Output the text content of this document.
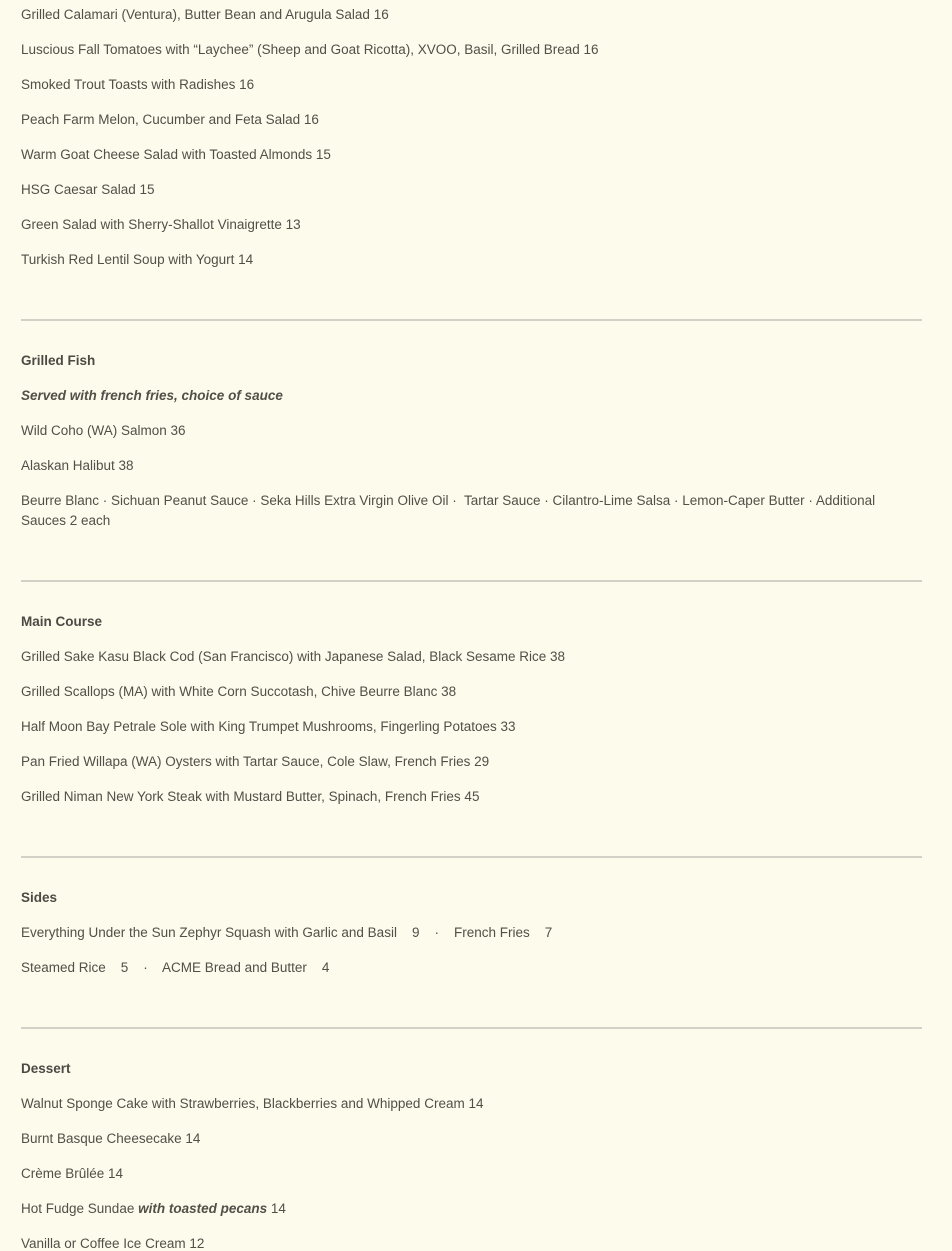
Grilled Calamari (Ventura), Butter Bean and Arugula Salad 16

Luscious Fall Tomatoes with “Laychee” (Sheep and Goat Ricotta), XVOO, Basil, Grilled Bread 16

Smoked Trout Toasts with Radishes 16

Peach Farm Melon, Cucumber and Feta Salad 16

Warm Goat Cheese Salad with Toasted Almonds 15

HSG Caesar Salad 15

Green Salad with Sherry-Shallot Vinaigrette 13

Turkish Red Lentil Soup with Yogurt 14

Grilled Fish

Served with french fries, choice of sauce

Wild Coho (WA) Salmon 36

Alaskan Halibut 38

Beurre Blanc · Sichuan Peanut Sauce · Seka Hills Extra Virgin Olive Oil ·  Tartar Sauce · Cilantro-Lime Salsa · Lemon-Caper Butter · Additional Sauces 2 each

Main Course

Grilled Sake Kasu Black Cod (San Francisco) with Japanese Salad, Black Sesame Rice 38

Grilled Scallops (MA) with White Corn Succotash, Chive Beurre Blanc 38

Half Moon Bay Petrale Sole with King Trumpet Mushrooms, Fingerling Potatoes 33

Pan Fried Willapa (WA) Oysters with Tartar Sauce, Cole Slaw, French Fries 29

Grilled Niman New York Steak with Mustard Butter, Spinach, French Fries 45

Sides

Everything Under the Sun Zephyr Squash with Garlic and Basil    9    ·    French Fries    7

Steamed Rice    5    ·    ACME Bread and Butter    4

Dessert

Walnut Sponge Cake with Strawberries, Blackberries and Whipped Cream 14

Burnt Basque Cheesecake 14

Crème Brûlée 14

Hot Fudge Sundae with toasted pecans 14

Vanilla or Coffee Ice Cream 12
